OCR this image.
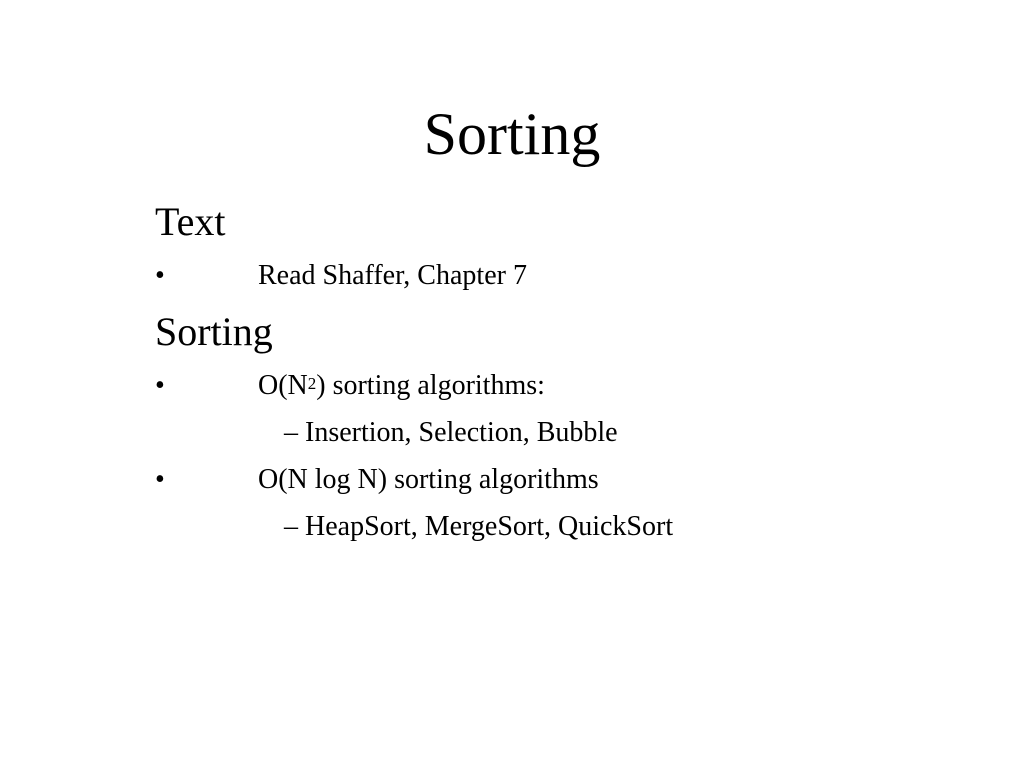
Sorting
Text
•	Read Shaffer, Chapter 7
Sorting
•	$O(N^2)$ sorting algorithms:
– Insertion, Selection, Bubble
•	O(N log N) sorting algorithms
– HeapSort, MergeSort, QuickSort
